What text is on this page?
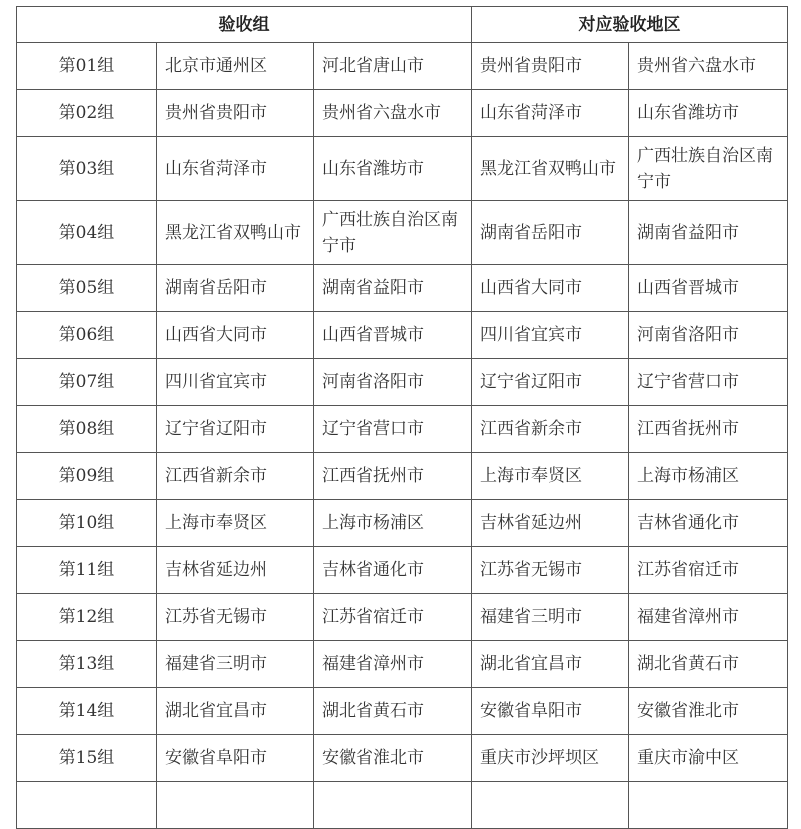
验收组			对应验收地区	
第01组	北京市通州区	河北省唐山市	贵州省贵阳市	贵州省六盘水市
第02组	贵州省贵阳市	贵州省六盘水市	山东省菏泽市	山东省潍坊市
第03组	山东省菏泽市	山东省潍坊市	黑龙江省双鸭山市	广西壮族自治区南宁市
第04组	黑龙江省双鸭山市	广西壮族自治区南宁市	湖南省岳阳市	湖南省益阳市
第05组	湖南省岳阳市	湖南省益阳市	山西省大同市	山西省晋城市
第06组	山西省大同市	山西省晋城市	四川省宜宾市	河南省洛阳市
第07组	四川省宜宾市	河南省洛阳市	辽宁省辽阳市	辽宁省营口市
第08组	辽宁省辽阳市	辽宁省营口市	江西省新余市	江西省抚州市
第09组	江西省新余市	江西省抚州市	上海市奉贤区	上海市杨浦区
第10组	上海市奉贤区	上海市杨浦区	吉林省延边州	吉林省通化市
第11组	吉林省延边州	吉林省通化市	江苏省无锡市	江苏省宿迁市
第12组	江苏省无锡市	江苏省宿迁市	福建省三明市	福建省漳州市
第13组	福建省三明市	福建省漳州市	湖北省宜昌市	湖北省黄石市
第14组	湖北省宜昌市	湖北省黄石市	安徽省阜阳市	安徽省淮北市
第15组	安徽省阜阳市	安徽省淮北市	重庆市沙坪坝区	重庆市渝中区
